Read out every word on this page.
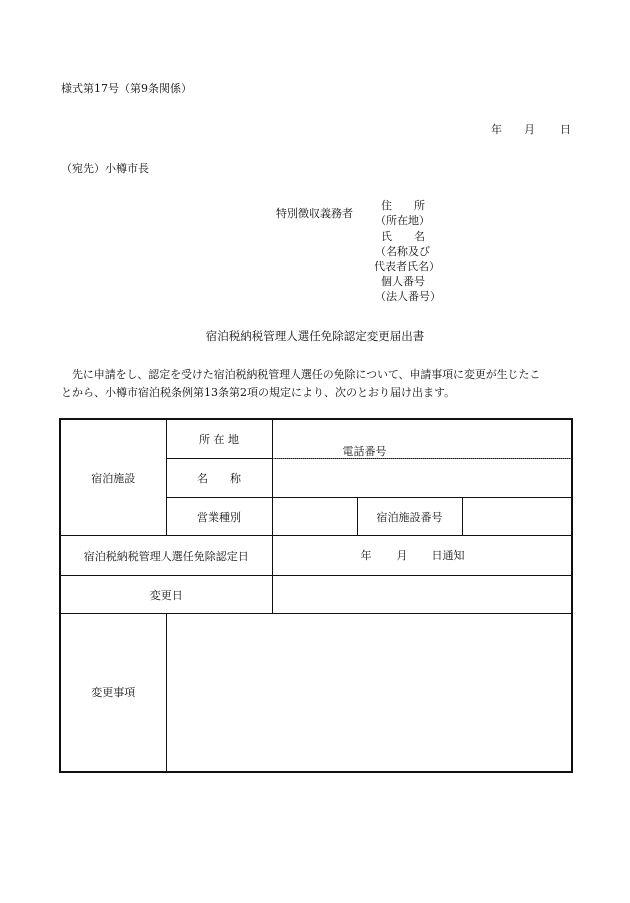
様式第17号（第9条関係）
年 月 日
（宛先）小樽市長
特別徴収義務者
住　　所
（所在地）
氏　　名
（名称及び
代表者氏名）
個人番号
（法人番号）
宿泊税納税管理人選任免除認定変更届出書
先に申請をし、認定を受けた宿泊税納税管理人選任の免除について、申請事項に変更が生じたこ
とから、小樽市宿泊税条例第13条第2項の規定により、次のとおり届け出ます。
宿泊施設	所 在 地	電話番号		

	名　　称			
	営業種別		宿泊施設番号	
宿泊税納税管理人選任免除認定日		年 月 日通知		

変更日				
変更事項				
